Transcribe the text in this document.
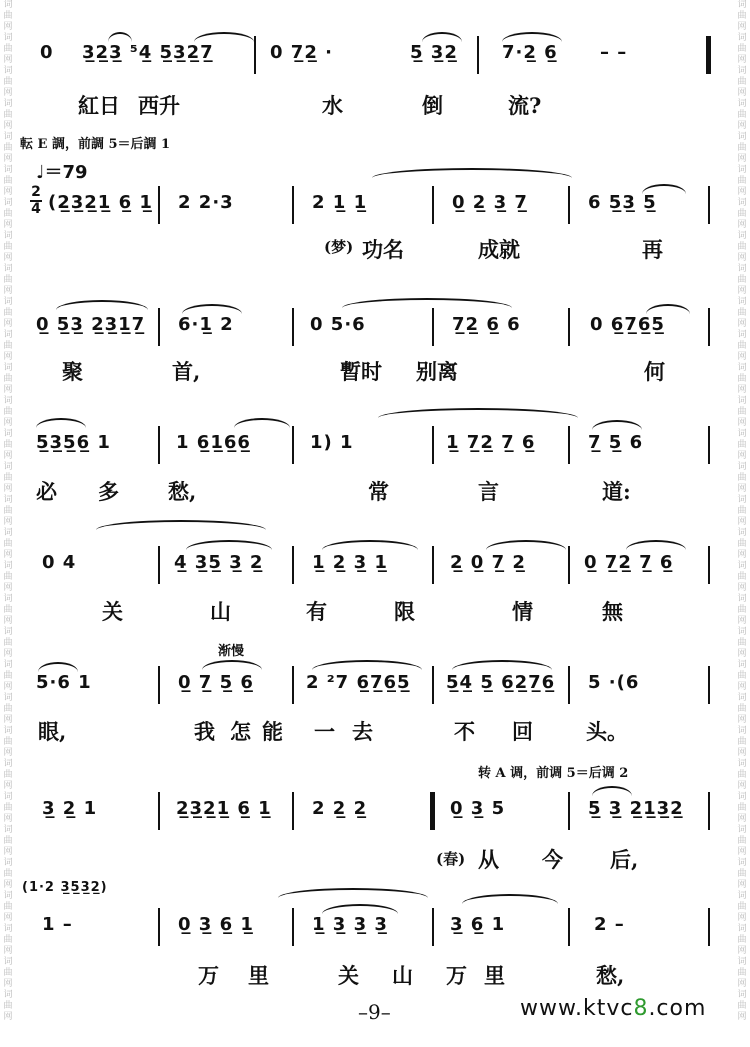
词
曲
网
词
曲
网
词
曲
网
词
曲
网
词
曲
网
词
曲
网
词
曲
网
词
曲
网
词
曲
网
词
曲
网
词
曲
网
词
曲
网
词
曲
网
词
曲
网
词
曲
网
词
曲
网
词
曲
网
词
曲
网
词
曲
网
词
曲
网
词
曲
网
词
曲
网
词
曲
网
词
曲
网
词
曲
网
词
曲
网
词
曲
网
词
曲
网
词
曲
网
词
曲
网
词
曲
网
词
曲
网
词
曲
网
词
曲
网
词
曲
网
词
曲
网
词
曲
网
词
曲
网
词
曲
网
词
曲
网
词
曲
网
词
曲
网
词
曲
网
词
曲
网
词
曲
网
词
曲
网
词
曲
网
词
曲
网
词
曲
网
词
曲
网
词
曲
网
词
曲
网
词
曲
网
词
曲
网
词
曲
网
词
曲
网
词
曲
网
词
曲
网
词
曲
网
词
曲
网
词
曲
网
词
曲
网
0 3̲2̲3̲ ⁵4̲ 5̲3̲2̲7̲	0 7̲2̲ ·	5̲ 3̲2̲ 7·2̲ 6̲ – –
紅日 西升	水	倒	流?
転 E 調，前調 5＝后調 1
♩＝79
2
4 (2̲3̲2̲1̲ 6̲ 1̲ 2 2·3	2 1̲ 1̲	0̲ 2̲ 3̲ 7̲	6 5̲3̲ 5̲
(梦) 功名	成就	再
0̲ 5̲3̲ 2̲3̲1̲7̲ 6·1̲ 2	0 5·6	7̲2̲ 6̲ 6	0 6̲7̲6̲5̲
聚	首,	暫时 别离	何
5̲3̲5̲6̲ 1	1 6̲1̲6̲6̲	1) 1	1̲ 7̲2̲ 7̲ 6̲	7̲ 5̲ 6
必 多 愁,	常	言	道:
0 4	4̲ 3̲5̲ 3̲ 2̲	1̲ 2̲ 3̲ 1̲	2̲ 0̲ 7̲ 2̲	0̲ 7̲2̲ 7̲ 6̲
关	山	有	限	情	無
渐慢
5·6 1	0̲ 7̲ 5̲ 6̲	2 ²7 6̲7̲6̲5̲ 5̲4̲ 5̲ 6̲2̲7̲6̲ 5 ·(6
眼,	我 怎 能 一 去	不 回	头。
转 A 调，前调 5＝后调 2
3̲ 2̲ 1	2̲3̲2̲1̲ 6̲ 1̲ 2 2̲ 2̲	0̲ 3̲ 5	5̲ 3̲ 2̲1̲3̲2̲
(春) 从 今 后,
(1·2 3̲5̲3̲2̲)
1 –	0̲ 3̲ 6̲ 1̲	1̲ 3̲ 3̲ 3̲	3̲ 6̲ 1	2 –
万 里	关 山 万 里	愁,
–9–	www.ktvc8.com
